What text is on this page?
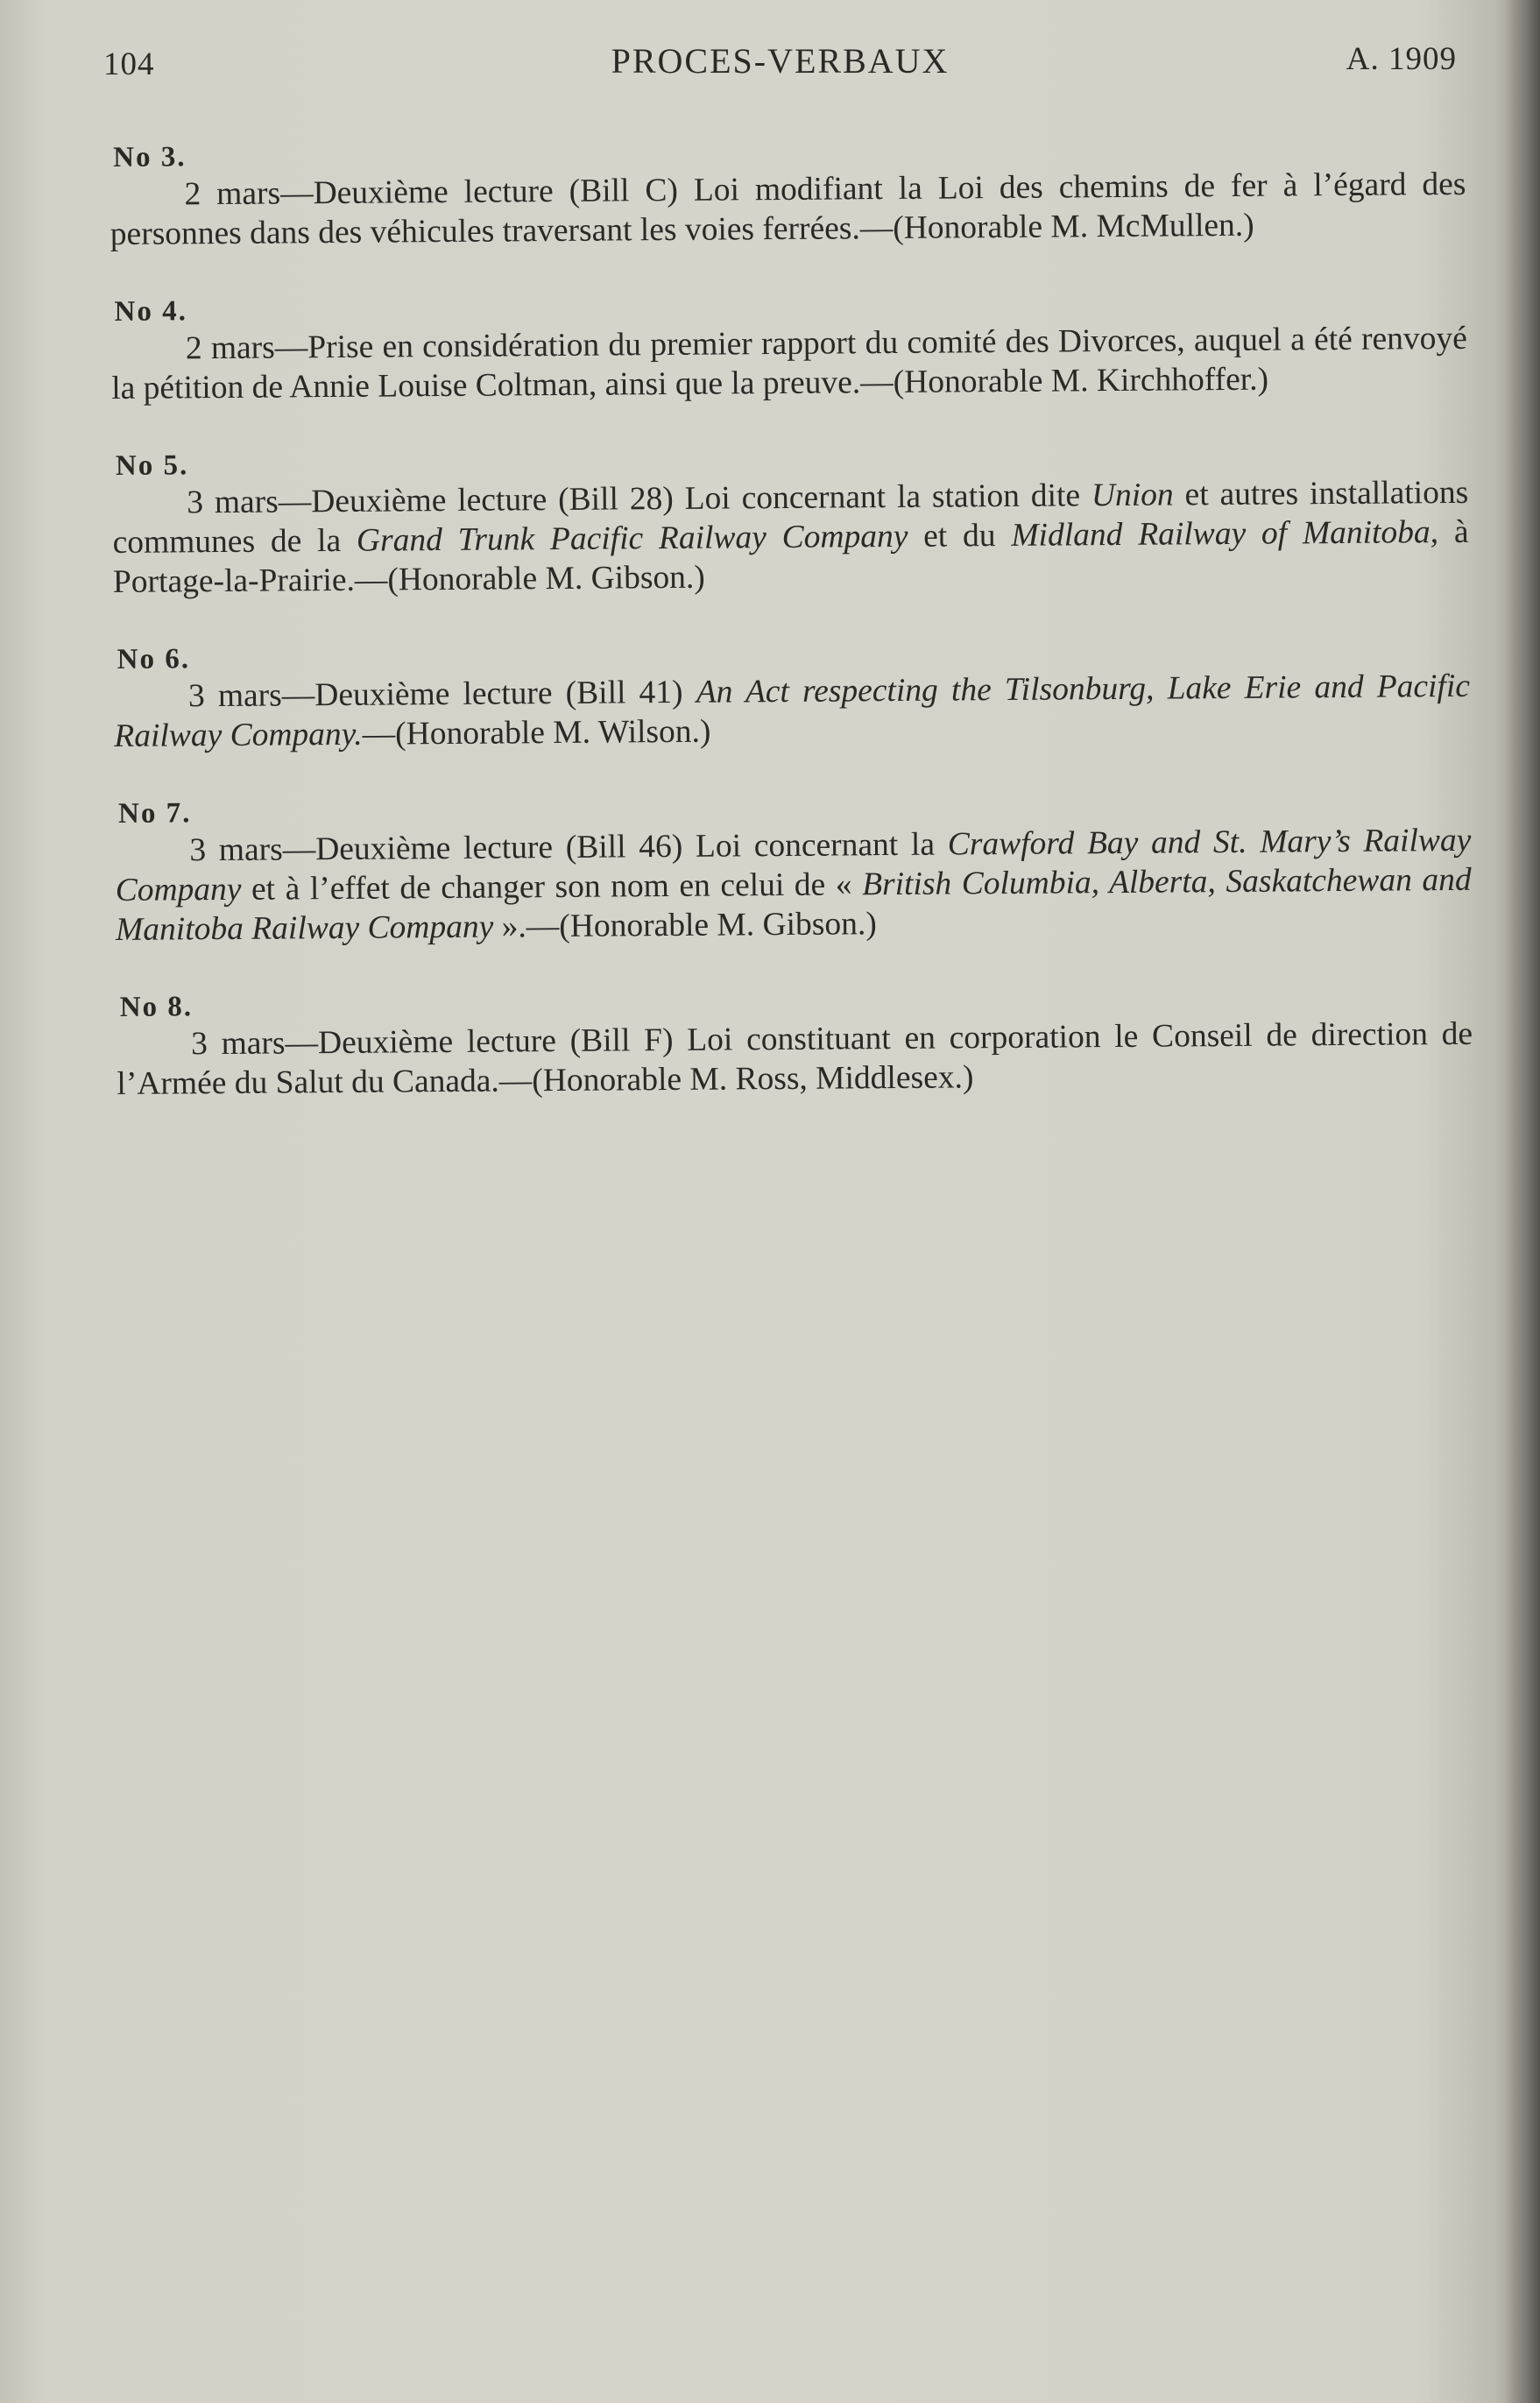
104	PROCES-VERBAUX	A. 1909
No 3.
2 mars—Deuxième lecture (Bill C) Loi modifiant la Loi des chemins de fer à l’égard des personnes dans des véhicules traversant les voies ferrées.—(Honorable M. McMullen.)
No 4.
2 mars—Prise en considération du premier rapport du comité des Divorces, auquel a été renvoyé la pétition de Annie Louise Coltman, ainsi que la preuve.—(Honorable M. Kirchhoffer.)
No 5.
3 mars—Deuxième lecture (Bill 28) Loi concernant la station dite Union et autres installations communes de la Grand Trunk Pacific Railway Company et du Midland Railway of Manitoba, à Portage-la-Prairie.—(Honorable M. Gibson.)
No 6.
3 mars—Deuxième lecture (Bill 41) An Act respecting the Tilsonburg, Lake Erie and Pacific Railway Company.—(Honorable M. Wilson.)
No 7.
3 mars—Deuxième lecture (Bill 46) Loi concernant la Crawford Bay and St. Mary’s Railway Company et à l’effet de changer son nom en celui de « British Columbia, Alberta, Saskatchewan and Manitoba Railway Company ».—(Honorable M. Gibson.)
No 8.
3 mars—Deuxième lecture (Bill F) Loi constituant en corporation le Conseil de direction de l’Armée du Salut du Canada.—(Honorable M. Ross, Middlesex.)
